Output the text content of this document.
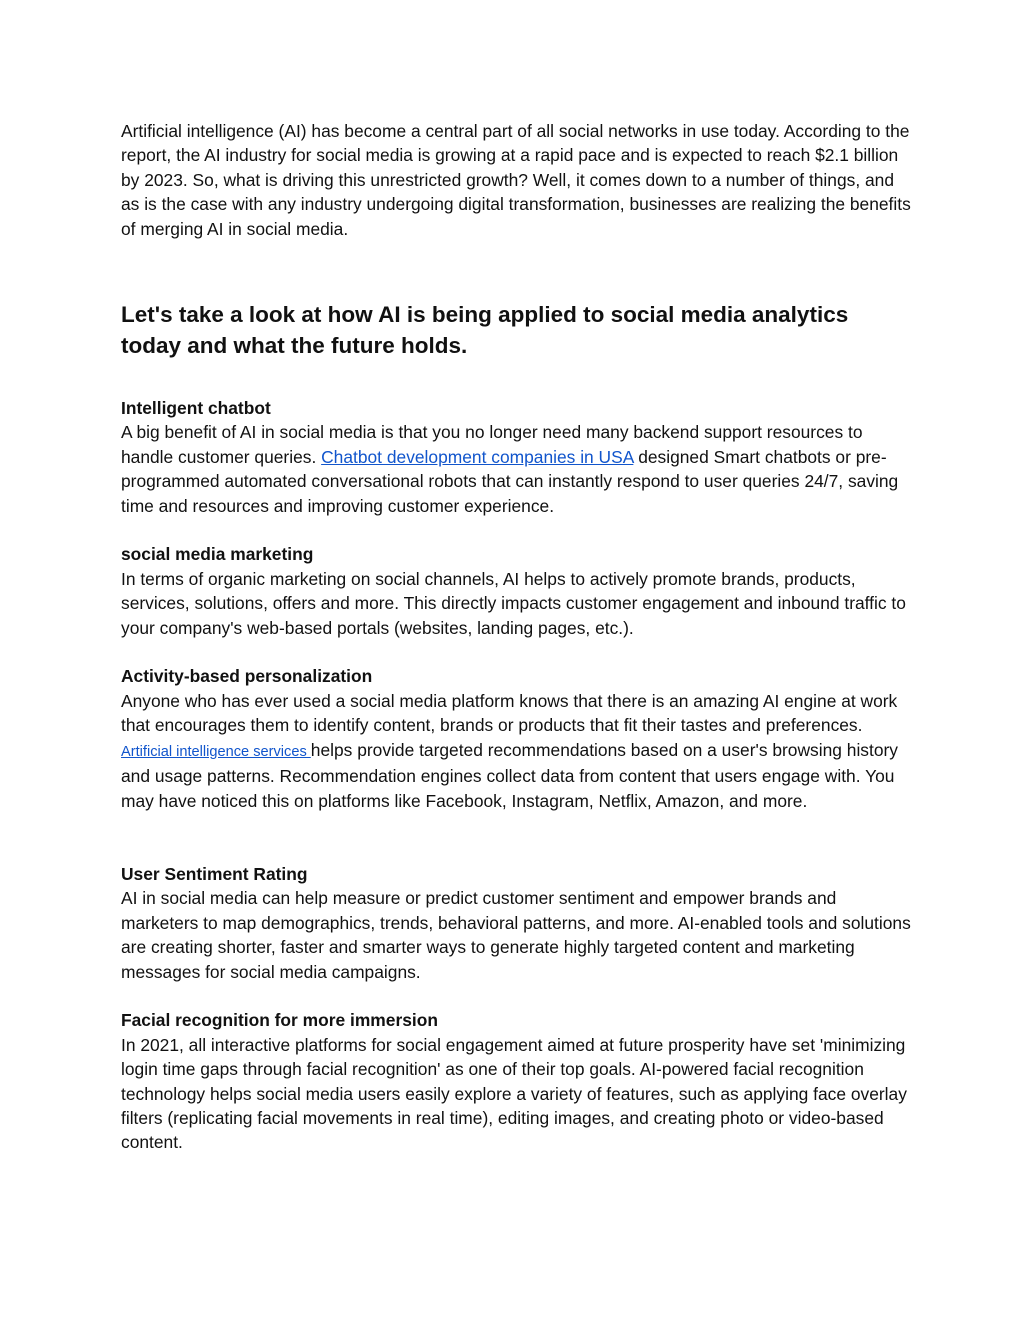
Artificial intelligence (AI) has become a central part of all social networks in use today. According to the report, the AI industry for social media is growing at a rapid pace and is expected to reach $2.1 billion by 2023. So, what is driving this unrestricted growth? Well, it comes down to a number of things, and as is the case with any industry undergoing digital transformation, businesses are realizing the benefits of merging AI in social media.

Let's take a look at how AI is being applied to social media analytics today and what the future holds.

Intelligent chatbot

A big benefit of AI in social media is that you no longer need many backend support resources to handle customer queries. Chatbot development companies in USA designed Smart chatbots or pre-programmed automated conversational robots that can instantly respond to user queries 24/7, saving time and resources and improving customer experience.

social media marketing

In terms of organic marketing on social channels, AI helps to actively promote brands, products, services, solutions, offers and more. This directly impacts customer engagement and inbound traffic to your company's web-based portals (websites, landing pages, etc.).

Activity-based personalization

Anyone who has ever used a social media platform knows that there is an amazing AI engine at work that encourages them to identify content, brands or products that fit their tastes and preferences. Artificial intelligence services helps provide targeted recommendations based on a user's browsing history and usage patterns. Recommendation engines collect data from content that users engage with. You may have noticed this on platforms like Facebook, Instagram, Netflix, Amazon, and more.

User Sentiment Rating

AI in social media can help measure or predict customer sentiment and empower brands and marketers to map demographics, trends, behavioral patterns, and more. AI-enabled tools and solutions are creating shorter, faster and smarter ways to generate highly targeted content and marketing messages for social media campaigns.

Facial recognition for more immersion

In 2021, all interactive platforms for social engagement aimed at future prosperity have set 'minimizing login time gaps through facial recognition' as one of their top goals. AI-powered facial recognition technology helps social media users easily explore a variety of features, such as applying face overlay filters (replicating facial movements in real time), editing images, and creating photo or video-based content.
